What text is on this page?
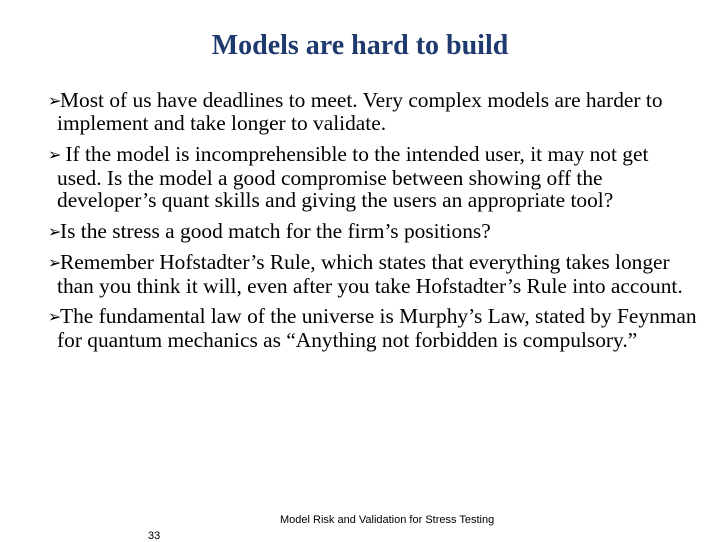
Models are hard to build
➢Most of us have deadlines to meet. Very complex models are harder to implement and take longer to validate.
➢ If the model is incomprehensible to the intended user, it may not get used. Is the model a good compromise between showing off the developer’s quant skills and giving the users an appropriate tool?
➢Is the stress a good match for the firm’s positions?
➢Remember Hofstadter’s Rule, which states that everything takes longer than you think it will, even after you take Hofstadter’s Rule into account.
➢The fundamental law of the universe is Murphy’s Law, stated by Feynman for quantum mechanics as “Anything not forbidden is compulsory.”
Model Risk and Validation for Stress Testing
33
